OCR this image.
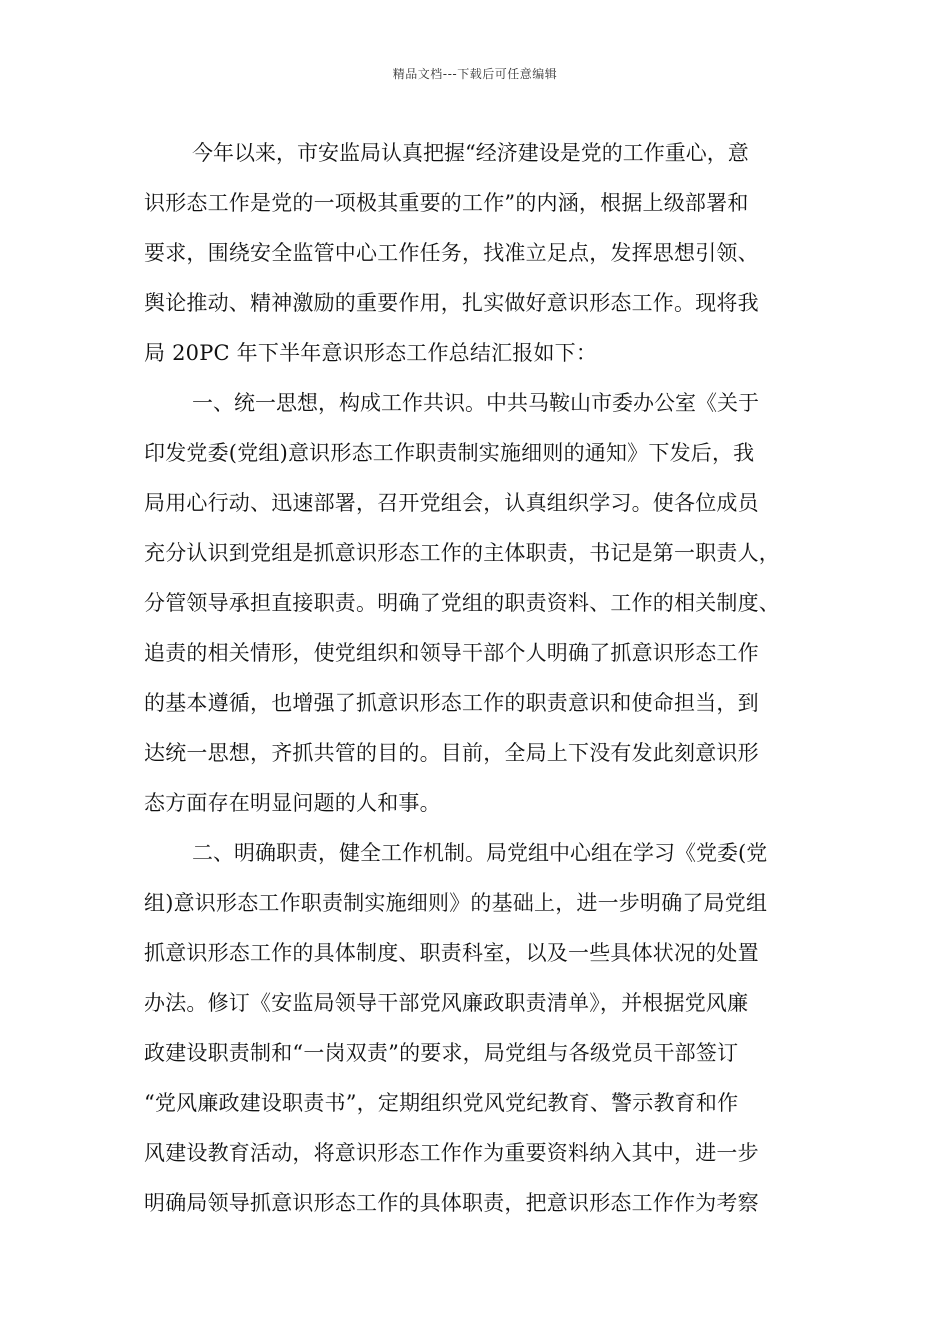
精品文档---下载后可任意编辑
今年以来，市安监局认真把握“经济建设是党的工作重心，意
识形态工作是党的一项极其重要的工作”的内涵，根据上级部署和
要求，围绕安全监管中心工作任务，找准立足点，发挥思想引领、
舆论推动、精神激励的重要作用，扎实做好意识形态工作。现将我
局 20PC 年下半年意识形态工作总结汇报如下：
一、统一思想，构成工作共识。中共马鞍山市委办公室《关于
印发党委(党组)意识形态工作职责制实施细则的通知》下发后，我
局用心行动、迅速部署，召开党组会，认真组织学习。使各位成员
充分认识到党组是抓意识形态工作的主体职责，书记是第一职责人，
分管领导承担直接职责。明确了党组的职责资料、工作的相关制度、
追责的相关情形，使党组织和领导干部个人明确了抓意识形态工作
的基本遵循，也增强了抓意识形态工作的职责意识和使命担当，到
达统一思想，齐抓共管的目的。目前，全局上下没有发此刻意识形
态方面存在明显问题的人和事。
二、明确职责，健全工作机制。局党组中心组在学习《党委(党
组)意识形态工作职责制实施细则》的基础上，进一步明确了局党组
抓意识形态工作的具体制度、职责科室，以及一些具体状况的处置
办法。修订《安监局领导干部党风廉政职责清单》，并根据党风廉
政建设职责制和“一岗双责”的要求，局党组与各级党员干部签订
“党风廉政建设职责书”，定期组织党风党纪教育、警示教育和作
风建设教育活动，将意识形态工作作为重要资料纳入其中，进一步
明确局领导抓意识形态工作的具体职责，把意识形态工作作为考察
